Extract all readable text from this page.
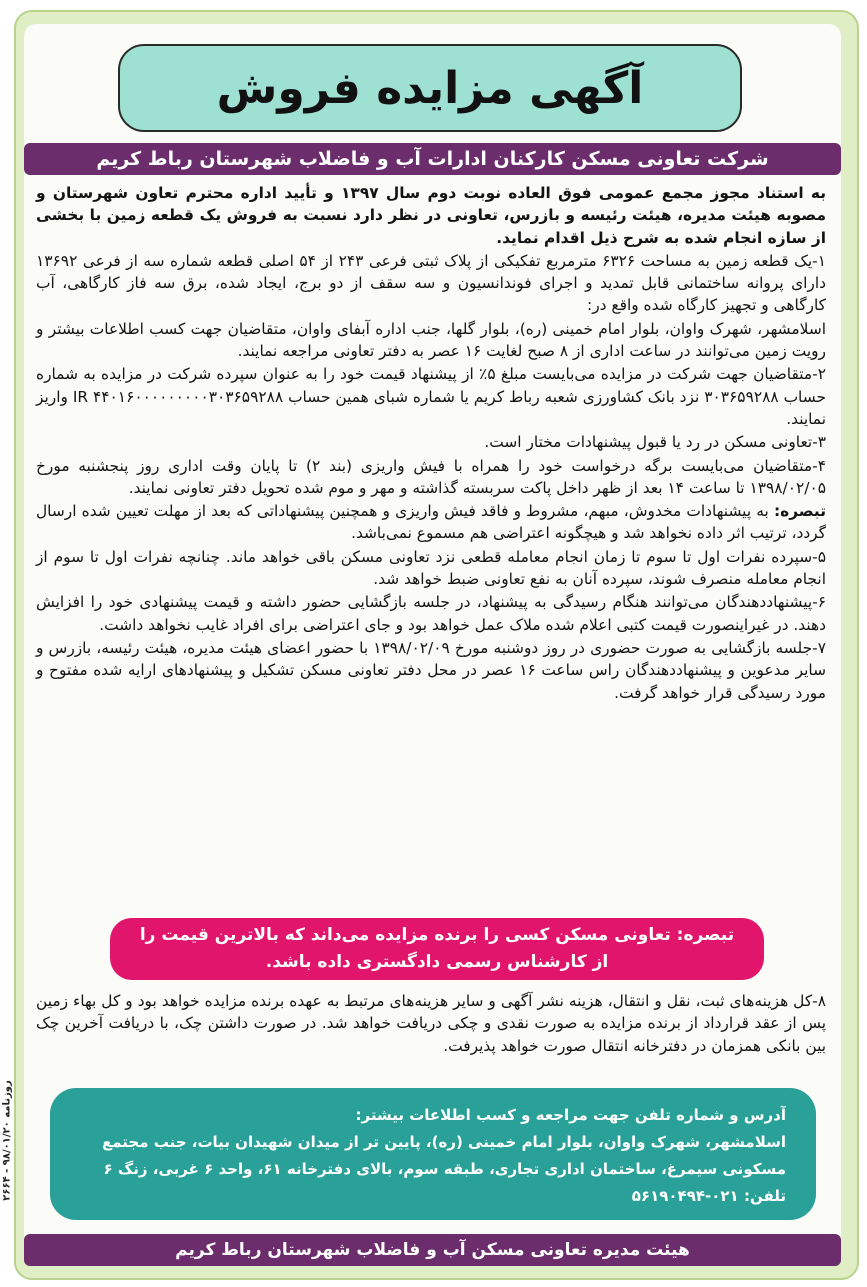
آگهی مزایده فروش
شرکت تعاونی مسکن کارکنان ادارات آب و فاضلاب شهرستان رباط کریم

به استناد مجوز مجمع عمومی فوق العاده نوبت دوم سال ۱۳۹۷ و تأیید اداره محترم تعاون شهرستان و مصوبه هیئت مدیره، هیئت رئیسه و بازرس، تعاونی در نظر دارد نسبت به فروش یک قطعه زمین با بخشی از سازه انجام شده به شرح ذیل اقدام نماید.

۱-یک قطعه زمین به مساحت ۶۳۲۶ مترمربع تفکیکی از پلاک ثبتی فرعی ۲۴۳ از ۵۴ اصلی قطعه شماره سه از فرعی ۱۳۶۹۲ دارای پروانه ساختمانی قابل تمدید و اجرای فوندانسیون و سه سقف از دو برج، ایجاد شده، برق سه فاز کارگاهی، آب کارگاهی و تجهیز کارگاه شده واقع در:

اسلامشهر، شهرک واوان، بلوار امام خمینی (ره)، بلوار گلها، جنب اداره آبفای واوان، متقاضیان جهت کسب اطلاعات بیشتر و رویت زمین می‌توانند در ساعت اداری از ۸ صبح لغایت ۱۶ عصر به دفتر تعاونی مراجعه نمایند.

۲-متقاضیان جهت شرکت در مزایده می‌بایست مبلغ ۵٪ از پیشنهاد قیمت خود را به عنوان سپرده شرکت در مزایده به شماره حساب ۳۰۳۶۵۹۲۸۸ نزد بانک کشاورزی شعبه رباط کریم یا شماره شبای همین حساب IR ۴۴۰۱۶۰۰۰۰۰۰۰۰۰۳۰۳۶۵۹۲۸۸ واریز نمایند.

۳-تعاونی مسکن در رد یا قبول پیشنهادات مختار است.

۴-متقاضیان می‌بایست برگه درخواست خود را همراه با فیش واریزی (بند ۲) تا پایان وقت اداری روز پنجشنبه مورخ ۱۳۹۸/۰۲/۰۵ تا ساعت ۱۴ بعد از ظهر داخل پاکت سربسته گذاشته و مهر و موم شده تحویل دفتر تعاونی نمایند.

تبصره: به پیشنهادات مخدوش، مبهم، مشروط و فاقد فیش واریزی و همچنین پیشنهاداتی که بعد از مهلت تعیین شده ارسال گردد، ترتیب اثر داده نخواهد شد و هیچگونه اعتراضی هم مسموع نمی‌باشد.

۵-سپرده نفرات اول تا سوم تا زمان انجام معامله قطعی نزد تعاونی مسکن باقی خواهد ماند. چنانچه نفرات اول تا سوم از انجام معامله منصرف شوند، سپرده آنان به نفع تعاونی ضبط خواهد شد.

۶-پیشنهاددهندگان می‌توانند هنگام رسیدگی به پیشنهاد، در جلسه بازگشایی حضور داشته و قیمت پیشنهادی خود را افزایش دهند. در غیراینصورت قیمت کتبی اعلام شده ملاک عمل خواهد بود و جای اعتراضی برای افراد غایب نخواهد داشت.

۷-جلسه بازگشایی به صورت حضوری در روز دوشنبه مورخ ۱۳۹۸/۰۲/۰۹ با حضور اعضای هیئت مدیره، هیئت رئیسه، بازرس و سایر مدعوین و پیشنهاددهندگان راس ساعت ۱۶ عصر در محل دفتر تعاونی مسکن تشکیل و پیشنهادهای ارایه شده مفتوح و مورد رسیدگی قرار خواهد گرفت.

تبصره: تعاونی مسکن کسی را برنده مزایده می‌داند که بالاترین قیمت را
از کارشناس رسمی دادگستری داده باشد.

۸-کل هزینه‌های ثبت، نقل و انتقال، هزینه نشر آگهی و سایر هزینه‌های مرتبط به عهده برنده مزایده خواهد بود و کل بهاء زمین پس از عقد قرارداد از برنده مزایده به صورت نقدی و چکی دریافت خواهد شد. در صورت داشتن چک، با دریافت آخرین چک بین بانکی همزمان در دفترخانه انتقال صورت خواهد پذیرفت.

آدرس و شماره تلفن جهت مراجعه و کسب اطلاعات بیشتر:
اسلامشهر، شهرک واوان، بلوار امام خمینی (ره)، پایین تر از میدان شهیدان بیات، جنب مجتمع
مسکونی سیمرغ، ساختمان اداری تجاری، طبقه سوم، بالای دفترخانه ۶۱، واحد ۶ غربی، زنگ ۶
تلفن: ۰۲۱-۵۶۱۹۰۴۹۴
هیئت مدیره تعاونی مسکن آب و فاضلاب شهرستان رباط کریم
روزنامه ۹۸/۰۱/۲۰ - ۲۶۶۴
